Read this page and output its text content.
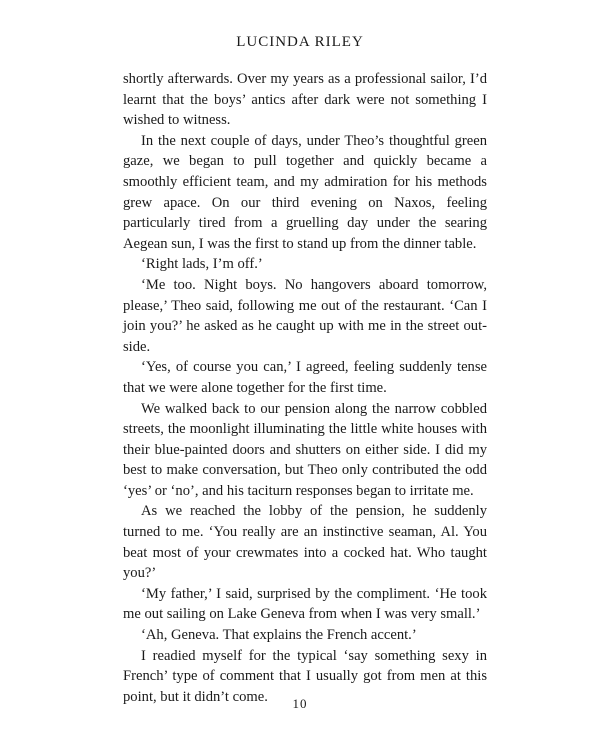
LUCINDA RILEY

shortly afterwards. Over my years as a professional sailor, I’d learnt that the boys’ antics after dark were not something I wished to witness.

In the next couple of days, under Theo’s thoughtful green gaze, we began to pull together and quickly became a smoothly efficient team, and my admiration for his methods grew apace. On our third evening on Naxos, feeling particularly tired from a gruelling day under the searing Aegean sun, I was the first to stand up from the dinner table.

‘Right lads, I’m off.’

‘Me too. Night boys. No hangovers aboard tomorrow, please,’ Theo said, following me out of the restaurant. ‘Can I join you?’ he asked as he caught up with me in the street out-side.

‘Yes, of course you can,’ I agreed, feeling suddenly tense that we were alone together for the first time.

We walked back to our pension along the narrow cobbled streets, the moonlight illuminating the little white houses with their blue-painted doors and shutters on either side. I did my best to make conversation, but Theo only contributed the odd ‘yes’ or ‘no’, and his taciturn responses began to irritate me.

As we reached the lobby of the pension, he suddenly turned to me. ‘You really are an instinctive seaman, Al. You beat most of your crewmates into a cocked hat. Who taught you?’

‘My father,’ I said, surprised by the compliment. ‘He took me out sailing on Lake Geneva from when I was very small.’

‘Ah, Geneva. That explains the French accent.’

I readied myself for the typical ‘say something sexy in French’ type of comment that I usually got from men at this point, but it didn’t come.	10
